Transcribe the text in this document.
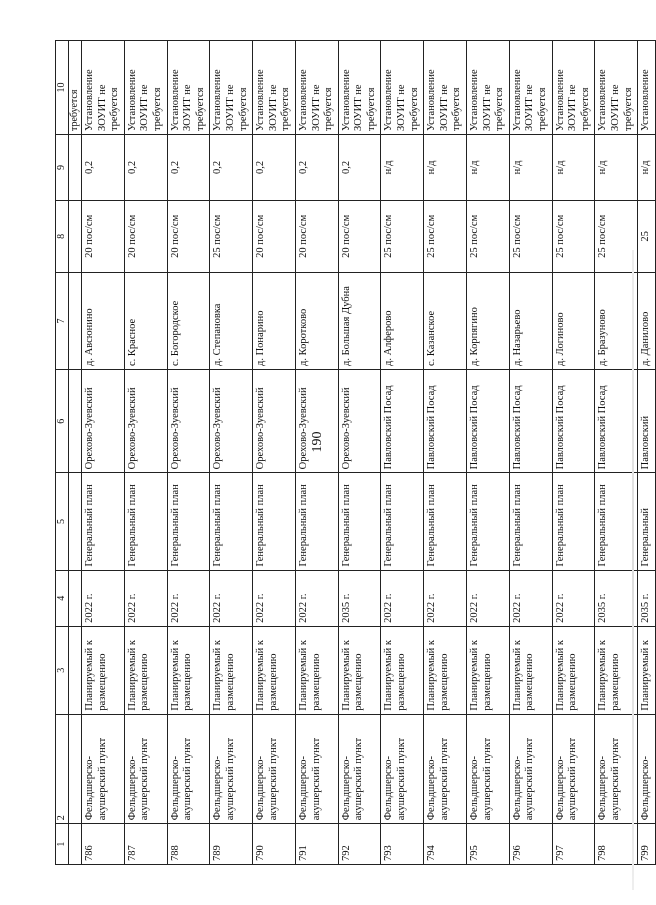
190
1	2	3	4	5	6	7	8	9	10
									требуется
786	Фельдшерско-акушерский пункт	Планируемый к размещению	2022 г.	Генеральный план	Орехово-Зуевский	д. Авсюнино	20 пос/см	0,2	Установление ЗОУИТ не требуется
787	Фельдшерско-акушерский пункт	Планируемый к размещению	2022 г.	Генеральный план	Орехово-Зуевский	с. Красное	20 пос/см	0,2	Установление ЗОУИТ не требуется
788	Фельдшерско-акушерский пункт	Планируемый к размещению	2022 г.	Генеральный план	Орехово-Зуевский	с. Богородское	20 пос/см	0,2	Установление ЗОУИТ не требуется
789	Фельдшерско-акушерский пункт	Планируемый к размещению	2022 г.	Генеральный план	Орехово-Зуевский	д. Степановка	25 пос/см	0,2	Установление ЗОУИТ не требуется
790	Фельдшерско-акушерский пункт	Планируемый к размещению	2022 г.	Генеральный план	Орехово-Зуевский	д. Понарино	20 пос/см	0,2	Установление ЗОУИТ не требуется
791	Фельдшерско-акушерский пункт	Планируемый к размещению	2022 г.	Генеральный план	Орехово-Зуевский	д. Коротково	20 пос/см	0,2	Установление ЗОУИТ не требуется
792	Фельдшерско-акушерский пункт	Планируемый к размещению	2035 г.	Генеральный план	Орехово-Зуевский	д. Большая Дубна	20 пос/см	0,2	Установление ЗОУИТ не требуется
793	Фельдшерско-акушерский пункт	Планируемый к размещению	2022 г.	Генеральный план	Павловский Посад	д. Алферово	25 пос/см	н/д	Установление ЗОУИТ не требуется
794	Фельдшерско-акушерский пункт	Планируемый к размещению	2022 г.	Генеральный план	Павловский Посад	с. Казанское	25 пос/см	н/д	Установление ЗОУИТ не требуется
795	Фельдшерско-акушерский пункт	Планируемый к размещению	2022 г.	Генеральный план	Павловский Посад	д. Корпягино	25 пос/см	н/д	Установление ЗОУИТ не требуется
796	Фельдшерско-акушерский пункт	Планируемый к размещению	2022 г.	Генеральный план	Павловский Посад	д. Назарьево	25 пос/см	н/д	Установление ЗОУИТ не требуется
797	Фельдшерско-акушерский пункт	Планируемый к размещению	2022 г.	Генеральный план	Павловский Посад	д. Логиново	25 пос/см	н/д	Установление ЗОУИТ не требуется
798	Фельдшерско-акушерский пункт	Планируемый к размещению	2035 г.	Генеральный план	Павловский Посад	д. Бразуново	25 пос/см	н/д	Установление ЗОУИТ не требуется
799	Фельдшерско-	Планируемый к	2035 г.	Генеральный	Павловский	д. Даниловo	25	н/д	Установление
